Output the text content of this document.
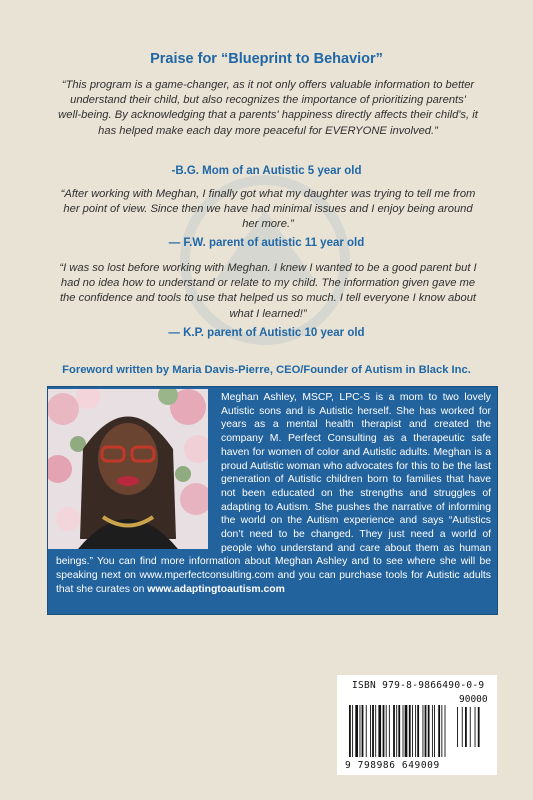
Praise for “Blueprint to Behavior”
“This program is a game-changer, as it not only offers valuable information to better understand their child, but also recognizes the importance of prioritizing parents' well-being. By acknowledging that a parents' happiness directly affects their child's, it has helped make each day more peaceful for EVERYONE involved.”
-B.G. Mom of an Autistic 5 year old
“After working with Meghan, I finally got what my daughter was trying to tell me from her point of view. Since then we have had minimal issues and I enjoy being around her more.”
— F.W. parent of autistic 11 year old
“I was so lost before working with Meghan. I knew I wanted to be a good parent but I had no idea how to understand or relate to my child. The information given gave me the confidence and tools to use that helped us so much. I tell everyone I know about what I learned!”
— K.P. parent of Autistic 10 year old
Foreword written by Maria Davis-Pierre, CEO/Founder of Autism in Black Inc.
Meghan Ashley, MSCP, LPC-S is a mom to two lovely Autistic sons and is Autistic herself. She has worked for years as a mental health therapist and created the company M. Perfect Consulting as a therapeutic safe haven for women of color and Autistic adults. Meghan is a proud Autistic woman who advocates for this to be the last generation of Autistic children born to families that have not been educated on the strengths and struggles of adapting to Autism. She pushes the narrative of informing the world on the Autism experience and says “Autistics don’t need to be changed. They just need a world of people who understand and care about them as human beings.” You can find more information about Meghan Ashley and to see where she will be speaking next on www.mperfectconsulting.com and you can purchase tools for Autistic adults that she curates on www.adaptingtoautism.com
ISBN 979-8-9866490-0-9
90000
9 798986 649009
